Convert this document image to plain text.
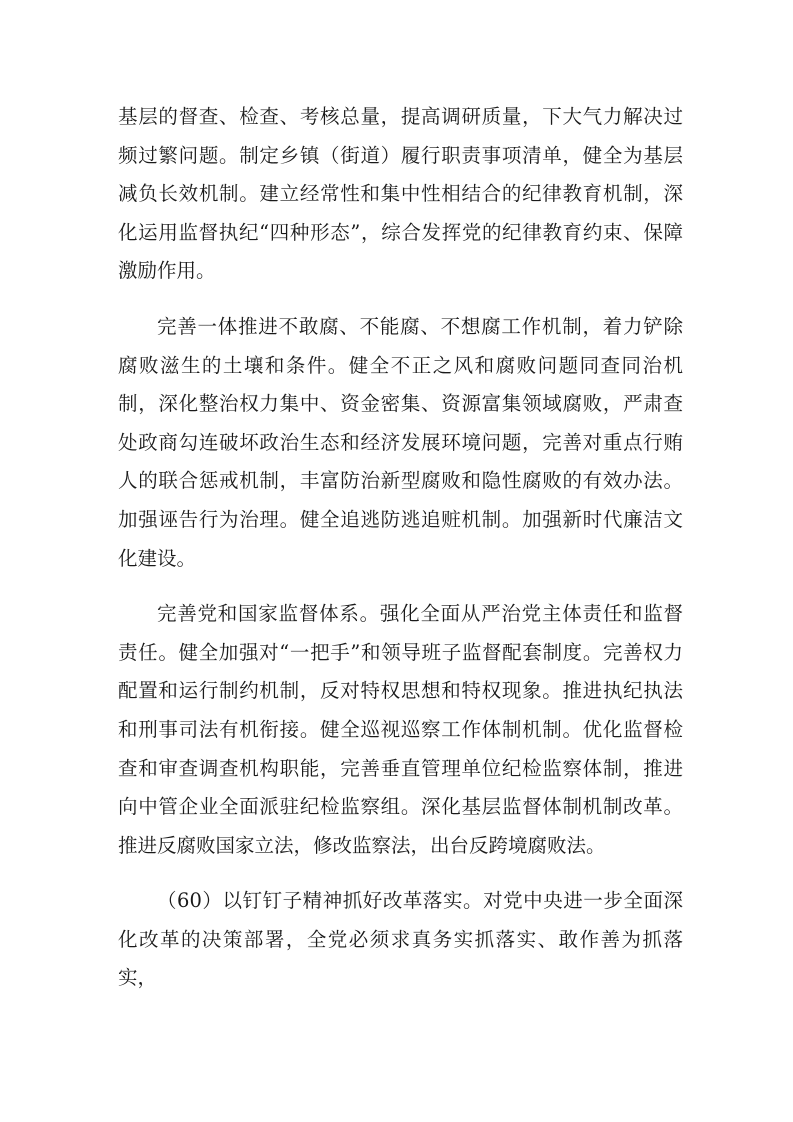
基层的督查、检查、考核总量，提高调研质量，下大气力解决过频过繁问题。制定乡镇（街道）履行职责事项清单，健全为基层减负长效机制。建立经常性和集中性相结合的纪律教育机制，深化运用监督执纪“四种形态”，综合发挥党的纪律教育约束、保障激励作用。

完善一体推进不敢腐、不能腐、不想腐工作机制，着力铲除腐败滋生的土壤和条件。健全不正之风和腐败问题同查同治机制，深化整治权力集中、资金密集、资源富集领域腐败，严肃查处政商勾连破坏政治生态和经济发展环境问题，完善对重点行贿人的联合惩戒机制，丰富防治新型腐败和隐性腐败的有效办法。加强诬告行为治理。健全追逃防逃追赃机制。加强新时代廉洁文化建设。

完善党和国家监督体系。强化全面从严治党主体责任和监督责任。健全加强对“一把手”和领导班子监督配套制度。完善权力配置和运行制约机制，反对特权思想和特权现象。推进执纪执法和刑事司法有机衔接。健全巡视巡察工作体制机制。优化监督检查和审查调查机构职能，完善垂直管理单位纪检监察体制，推进向中管企业全面派驻纪检监察组。深化基层监督体制机制改革。推进反腐败国家立法，修改监察法，出台反跨境腐败法。

（60）以钉钉子精神抓好改革落实。对党中央进一步全面深化改革的决策部署，全党必须求真务实抓落实、敢作善为抓落实，
